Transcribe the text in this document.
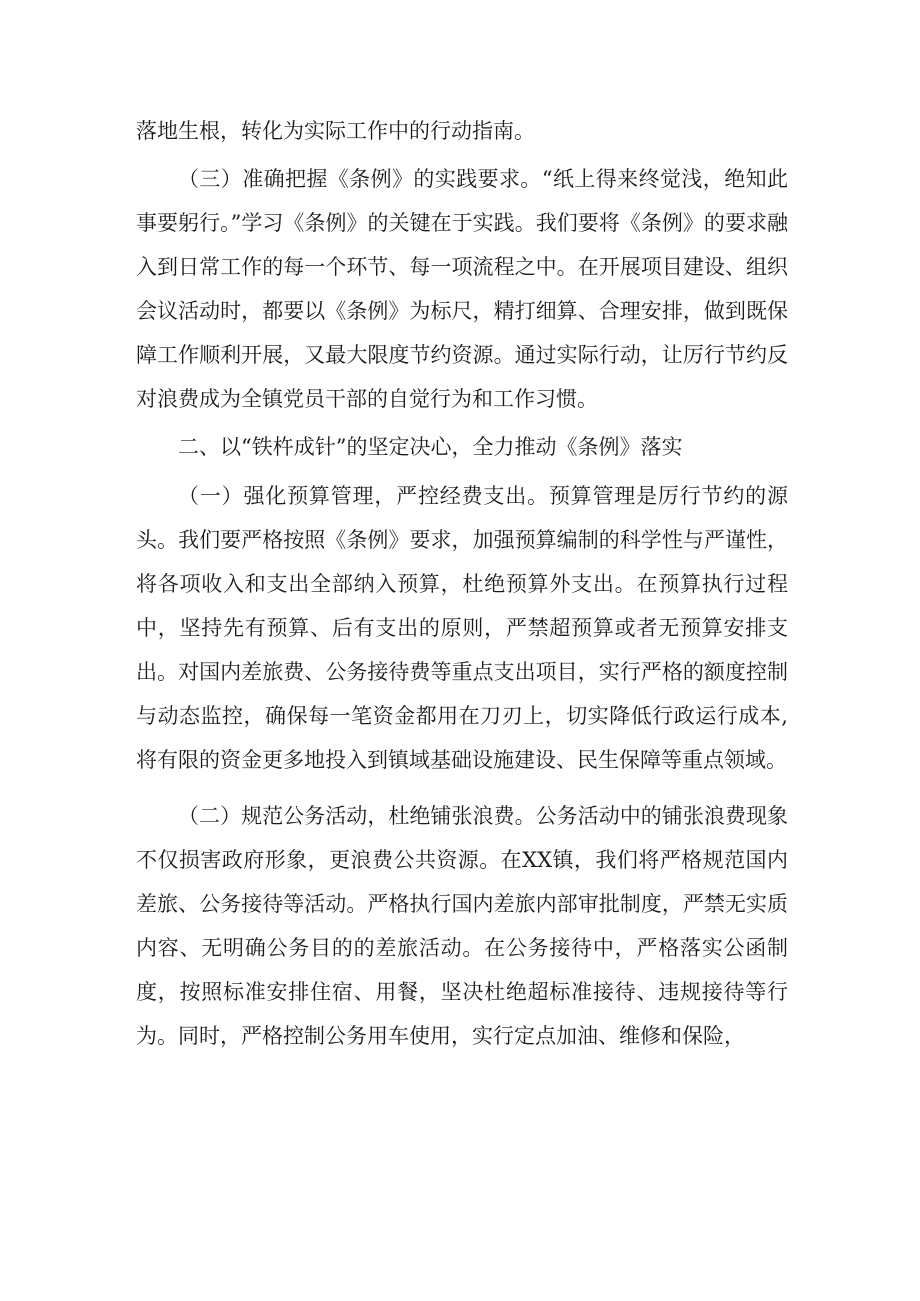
落地生根，转化为实际工作中的行动指南。

（三）准确把握《条例》的实践要求。“纸上得来终觉浅，绝知此事要躬行。”学习《条例》的关键在于实践。我们要将《条例》的要求融入到日常工作的每一个环节、每一项流程之中。在开展项目建设、组织会议活动时，都要以《条例》为标尺，精打细算、合理安排，做到既保障工作顺利开展，又最大限度节约资源。通过实际行动，让厉行节约反对浪费成为全镇党员干部的自觉行为和工作习惯。

二、以“铁杵成针”的坚定决心，全力推动《条例》落实

（一）强化预算管理，严控经费支出。预算管理是厉行节约的源头。我们要严格按照《条例》要求，加强预算编制的科学性与严谨性，将各项收入和支出全部纳入预算，杜绝预算外支出。在预算执行过程中，坚持先有预算、后有支出的原则，严禁超预算或者无预算安排支出。对国内差旅费、公务接待费等重点支出项目，实行严格的额度控制与动态监控，确保每一笔资金都用在刀刃上，切实降低行政运行成本,将有限的资金更多地投入到镇域基础设施建设、民生保障等重点领域。

（二）规范公务活动，杜绝铺张浪费。公务活动中的铺张浪费现象不仅损害政府形象，更浪费公共资源。在XX镇，我们将严格规范国内差旅、公务接待等活动。严格执行国内差旅内部审批制度，严禁无实质内容、无明确公务目的的差旅活动。在公务接待中，严格落实公函制度，按照标准安排住宿、用餐，坚决杜绝超标准接待、违规接待等行为。同时，严格控制公务用车使用，实行定点加油、维修和保险，
